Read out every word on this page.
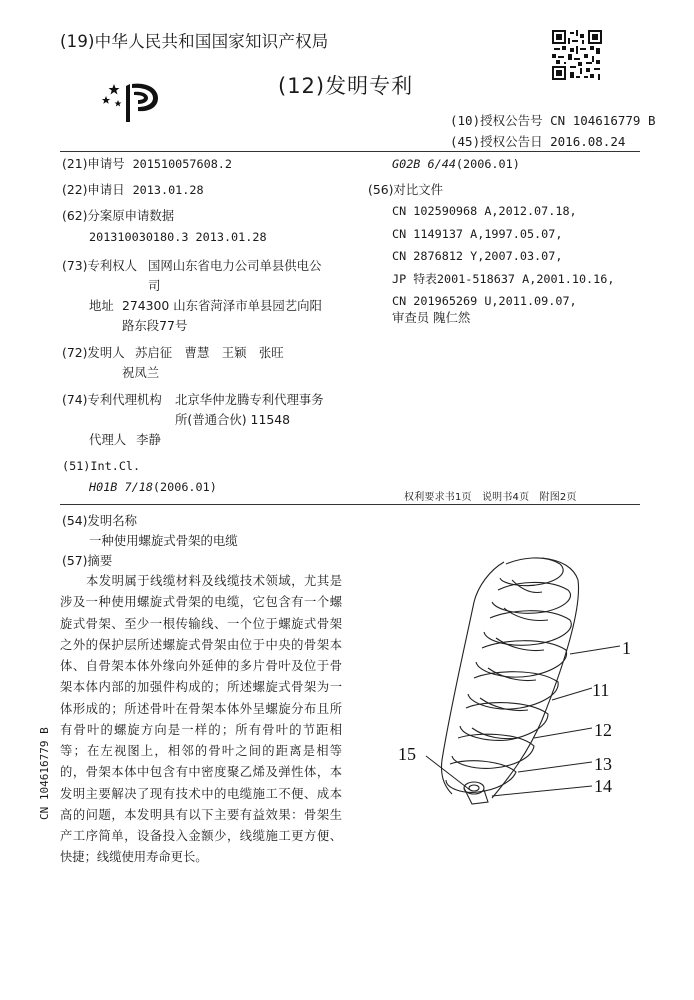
(19)中华人民共和国国家知识产权局
(12)发明专利
(10)授权公告号 CN 104616779 B
(45)授权公告日 2016.08.24
(21)申请号 201510057608.2
(22)申请日 2013.01.28
(62)分案原申请数据
201310030180.3 2013.01.28
(73)专利权人 国网山东省电力公司单县供电公
司
地址 274300 山东省菏泽市单县园艺向阳
路东段77号
(72)发明人 苏启征　曹慧　王颖　张旺
祝凤兰
(74)专利代理机构 北京华仲龙腾专利代理事务
所(普通合伙) 11548
代理人 李静
(51)Int.Cl.
H01B 7/18(2006.01)
G02B 6/44(2006.01)
(56)对比文件
CN 102590968 A,2012.07.18,
CN 1149137 A,1997.05.07,
CN 2876812 Y,2007.03.07,
JP 特表2001-518637 A,2001.10.16,
CN 201965269 U,2011.09.07,
审查员 隗仁然
权利要求书1页　说明书4页　附图2页
(54)发明名称
一种使用螺旋式骨架的电缆
(57)摘要
本发明属于线缆材料及线缆技术领域，尤其是涉及一种使用螺旋式骨架的电缆，它包含有一个螺旋式骨架、至少一根传输线、一个位于螺旋式骨架之外的保护层所述螺旋式骨架由位于中央的骨架本体、自骨架本体外缘向外延伸的多片骨叶及位于骨架本体内部的加强件构成的；所述螺旋式骨架为一体形成的；所述骨叶在骨架本体外呈螺旋分布且所有骨叶的螺旋方向是一样的；所有骨叶的节距相等；在左视图上，相邻的骨叶之间的距离是相等的，骨架本体中包含有中密度聚乙烯及弹性体，本发明主要解决了现有技术中的电缆施工不便、成本高的问题，本发明具有以下主要有益效果：骨架生产工序简单，设备投入金额少，线缆施工更方便、快捷；线缆使用寿命更长。
CN 104616779 B
1
11
12
13
14
15
